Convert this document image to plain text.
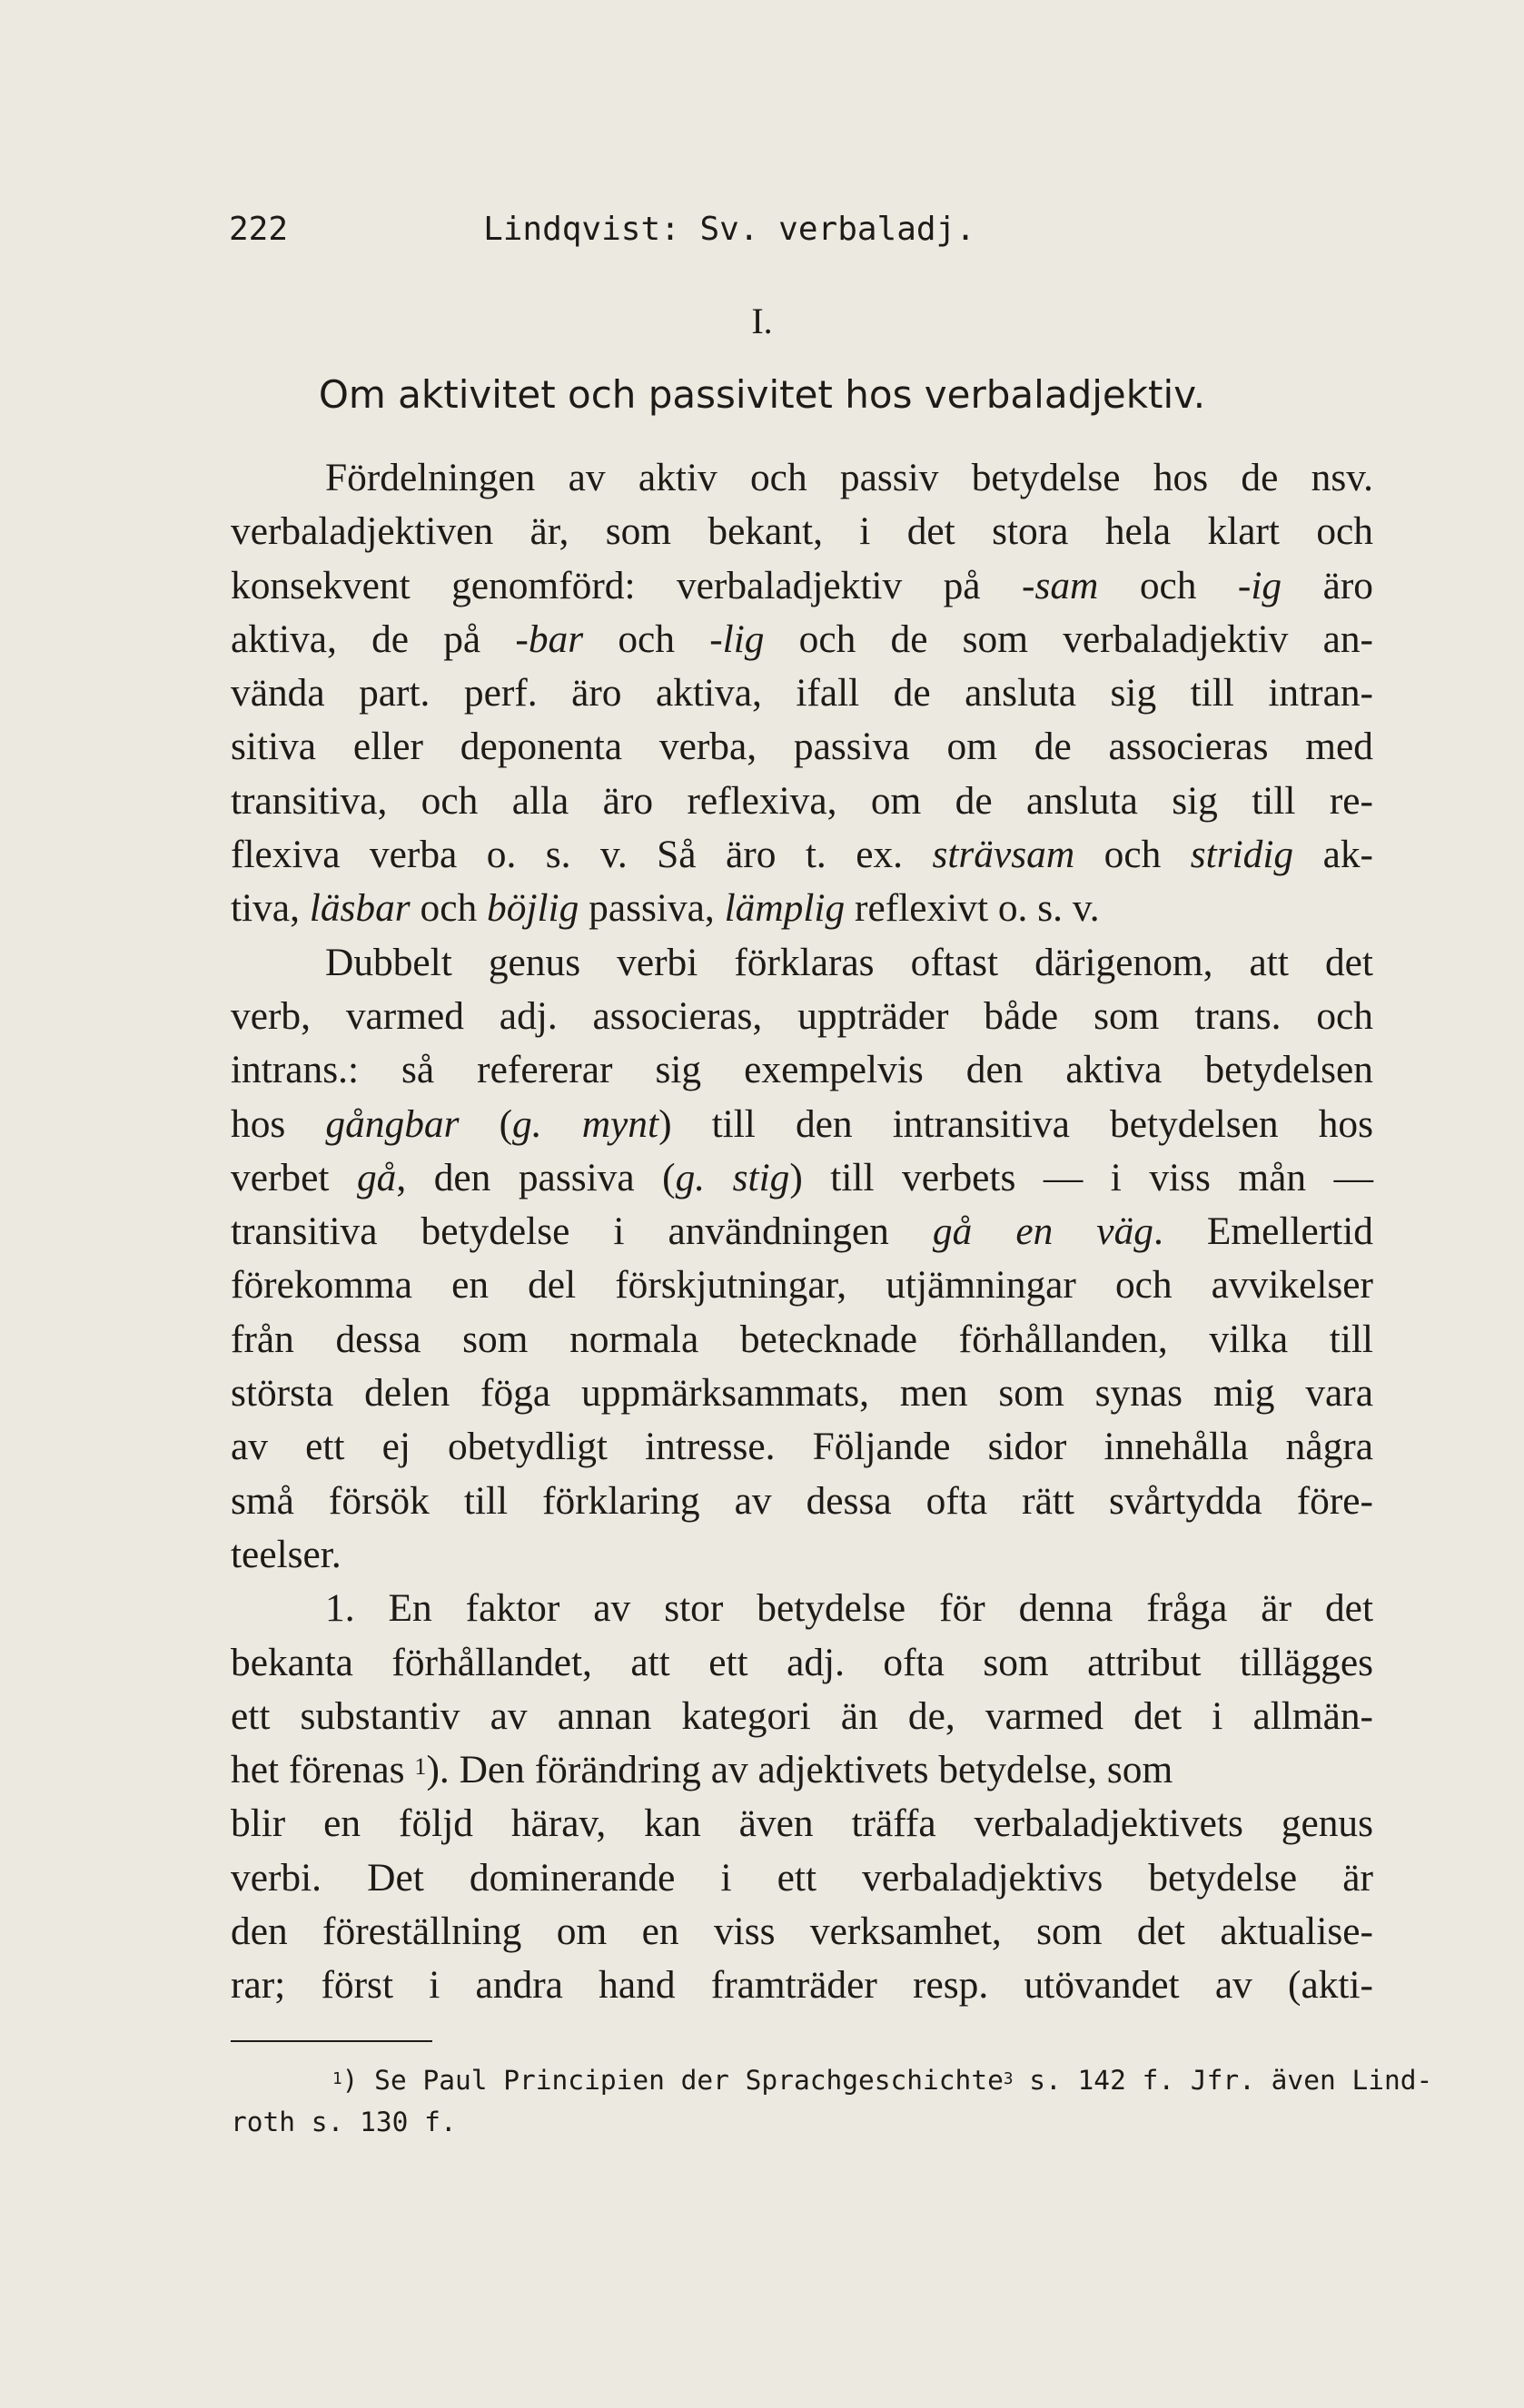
222	Lindqvist: Sv. verbaladj.
I.
Om aktivitet och passivitet hos verbaladjektiv.
Fördelningen av aktiv och passiv betydelse hos de nsv.
verbaladjektiven är, som bekant, i det stora hela klart och
konsekvent genomförd: verbaladjektiv på -sam och -ig äro
aktiva, de på -bar och -lig och de som verbaladjektiv an-
vända part. perf. äro aktiva, ifall de ansluta sig till intran-
sitiva eller deponenta verba, passiva om de associeras med
transitiva, och alla äro reflexiva, om de ansluta sig till re-
flexiva verba o. s. v. Så äro t. ex. strävsam och stridig ak-
tiva, läsbar och böjlig passiva, lämplig reflexivt o. s. v.
Dubbelt genus verbi förklaras oftast därigenom, att det
verb, varmed adj. associeras, uppträder både som trans. och
intrans.: så refererar sig exempelvis den aktiva betydelsen
hos gångbar (g. mynt) till den intransitiva betydelsen hos
verbet gå, den passiva (g. stig) till verbets — i viss mån —
transitiva betydelse i användningen gå en väg. Emellertid
förekomma en del förskjutningar, utjämningar och avvikelser
från dessa som normala betecknade förhållanden, vilka till
största delen föga uppmärksammats, men som synas mig vara
av ett ej obetydligt intresse. Följande sidor innehålla några
små försök till förklaring av dessa ofta rätt svårtydda före-
teelser.
1. En faktor av stor betydelse för denna fråga är det
bekanta förhållandet, att ett adj. ofta som attribut tillägges
ett substantiv av annan kategori än de, varmed det i allmän-
het förenas $^1$). Den förändring av adjektivets betydelse, som
blir en följd härav, kan även träffa verbaladjektivets genus
verbi. Det dominerande i ett verbaladjektivs betydelse är
den föreställning om en viss verksamhet, som det aktualise-
rar; först i andra hand framträder resp. utövandet av (akti-
$^1$) Se Paul Principien der Sprachgeschichte$^3$ s. 142 f. Jfr. även Lind-
roth s. 130 f.
